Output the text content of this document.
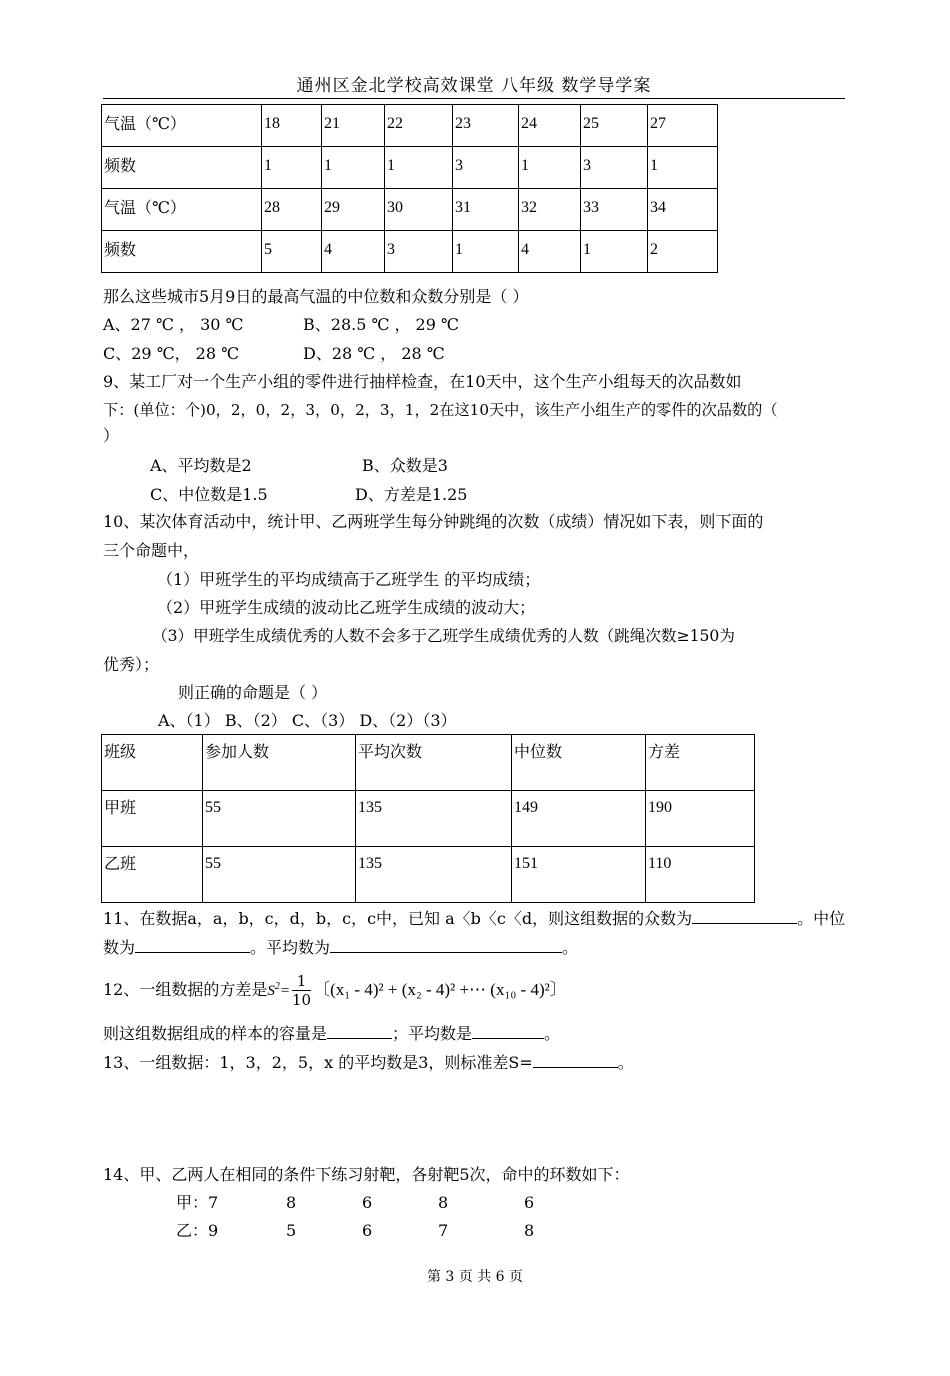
通州区金北学校高效课堂 八年级 数学导学案
气温（℃）	18	21	22	23	24	25	27
频数	1	1	1	3	1	3	1
气温（℃）	28	29	30	31	32	33	34
频数	5	4	3	1	4	1	2
那么这些城市5月9日的最高气温的中位数和众数分别是（ ）
A、27 ℃ ， 30 ℃	B、28.5 ℃ ， 29 ℃
C、29 ℃， 28 ℃	D、28 ℃ ， 28 ℃
9、某工厂对一个生产小组的零件进行抽样检查，在10天中，这个生产小组每天的次品数如
下：(单位：个)0，2，0，2，3，0，2，3，1，2在这10天中，该生产小组生产的零件的次品数的（
）
A、平均数是2	B、众数是3
C、中位数是1.5	D、方差是1.25
10、某次体育活动中，统计甲、乙两班学生每分钟跳绳的次数（成绩）情况如下表，则下面的
三个命题中，
（1）甲班学生的平均成绩高于乙班学生 的平均成绩；
（2）甲班学生成绩的波动比乙班学生成绩的波动大；
（3）甲班学生成绩优秀的人数不会多于乙班学生成绩优秀的人数（跳绳次数≥150为
优秀）；
则正确的命题是（ ）
A、（1） B、（2） C、（3） D、（2）（3）
班级	参加人数	平均次数	中位数	方差
甲班	55	135	149	190
乙班	55	135	151	110
11、在数据a，a，b，c，d，b，c，c中，已知 a〈b〈c〈d，则这组数据的众数为	。中位
数为	。平均数为	。
12、一组数据的方差是$S^2= \frac{1}{10}$ 〔(x₁ - 4)² + (x₂ - 4)² +⋯ (x₁₀ - 4)²〕
则这组数据组成的样本的容量是	；平均数是	。
13、一组数据：1，3，2，5，x 的平均数是3，则标准差S=	。
14、甲、乙两人在相同的条件下练习射靶，各射靶5次，命中的环数如下：
甲：7	8	6	8	6
乙：9	5	6	7	8
第 3 页 共 6 页
